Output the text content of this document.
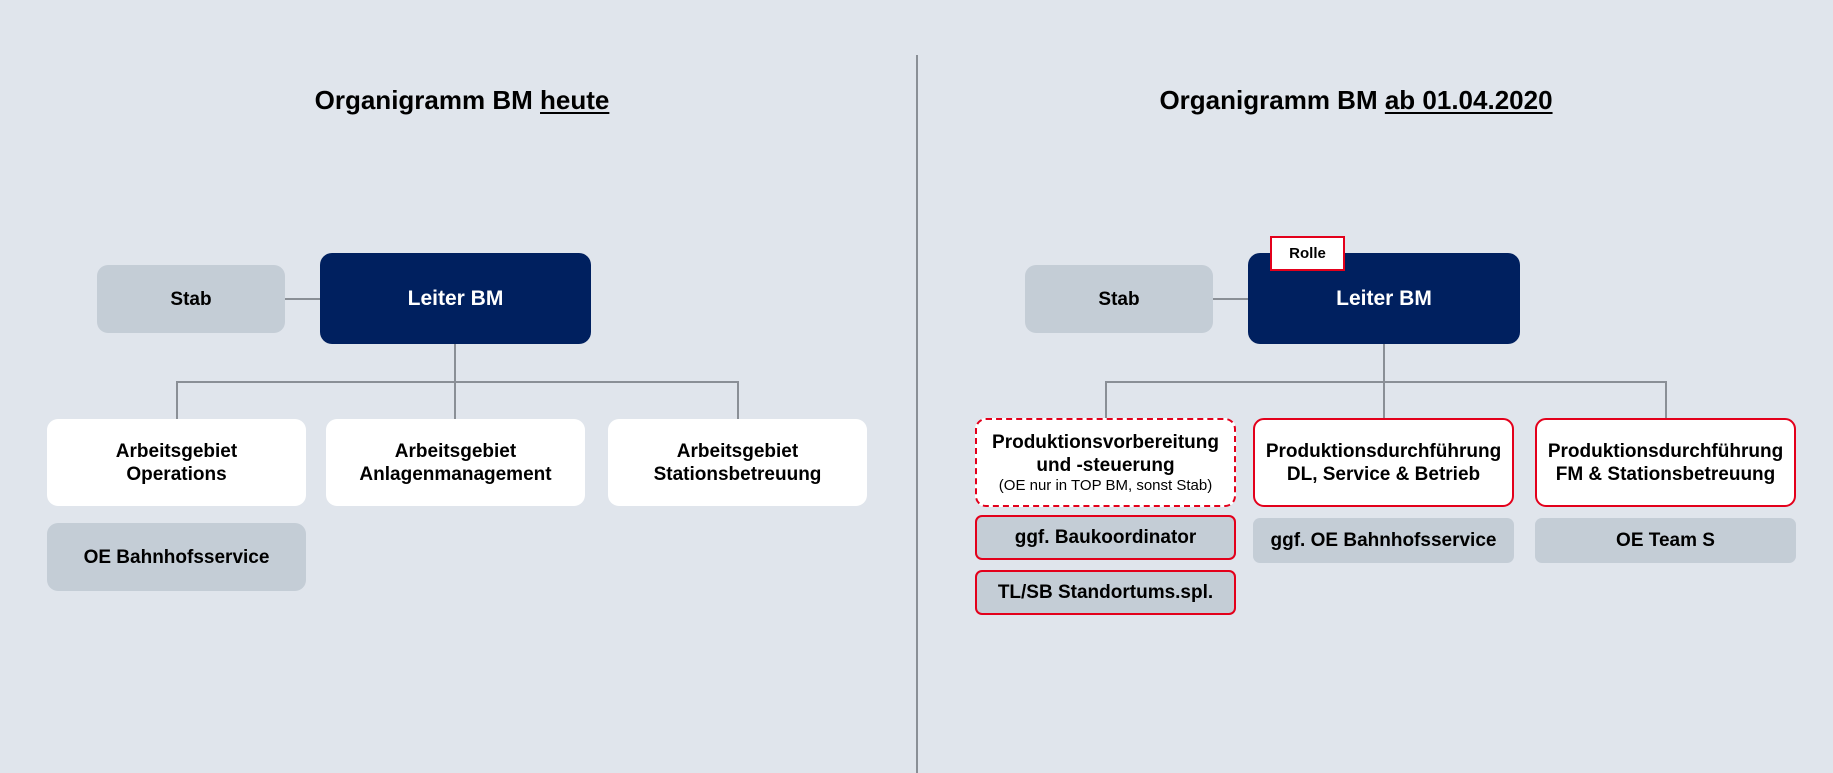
Organigramm BM heute	Organigramm BM ab 01.04.2020
Stab	Leiter BM
Arbeitsgebiet
Operations
Arbeitsgebiet
Anlagenmanagement
Arbeitsgebiet
Stationsbetreuung
OE Bahnhofsservice
Stab	Leiter BM
Rolle
Produktionsvorbereitung
und -steuerung
(OE nur in TOP BM, sonst Stab)
Produktionsdurchführung
DL, Service & Betrieb
Produktionsdurchführung
FM & Stationsbetreuung
ggf. Baukoordinator
TL/SB Standortums.spl.
ggf. OE Bahnhofsservice	OE Team S
